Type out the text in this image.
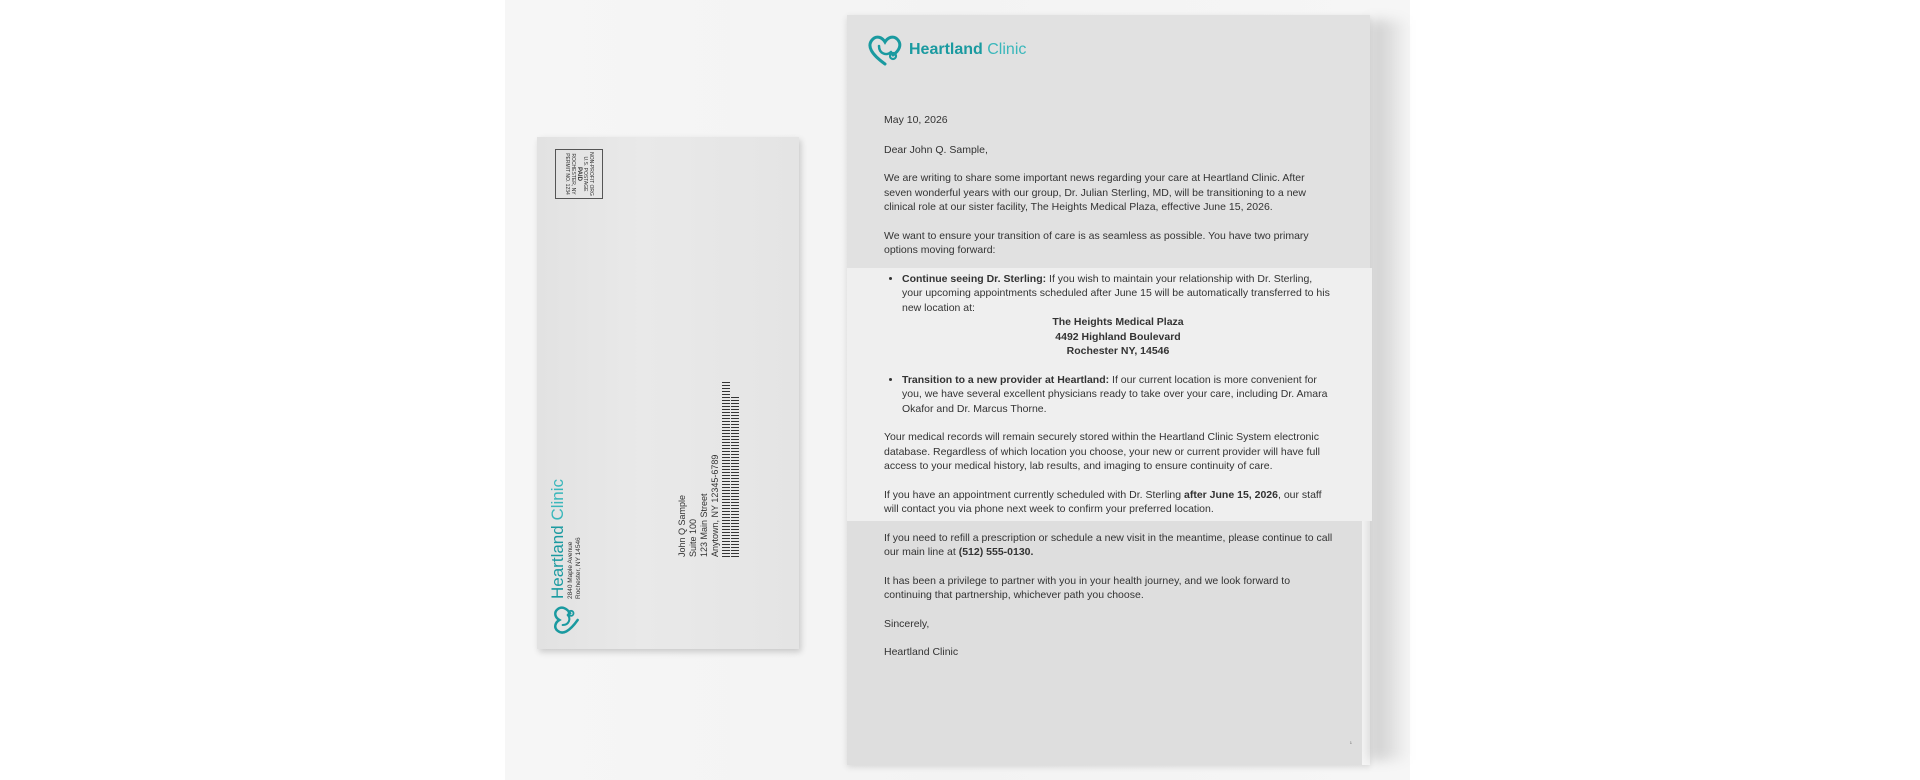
NON-PROFIT ORG
U.S. POSTAGE
PAID
ROCHESTER, NY
PERMIT NO. 1234
John Q Sample Suite 100 123 Main Street Anytown, NY 12345-6789
Heartland Clinic
2840 Maple Avenue Rochester, NY 14546
Heartland Clinic

May 10, 2026

Dear John Q. Sample,

We are writing to share some important news regarding your care at Heartland Clinic. After seven wonderful years with our group, Dr. Julian Sterling, MD, will be transitioning to a new clinical role at our sister facility, The Heights Medical Plaza, effective June 15, 2026.

We want to ensure your transition of care is as seamless as possible. You have two primary options moving forward:

• Continue seeing Dr. Sterling: If you wish to maintain your relationship with Dr. Sterling, your upcoming appointments scheduled after June 15 will be automatically transferred to his new location at:
The Heights Medical Plaza
4492 Highland Boulevard
Rochester NY, 14546
• Transition to a new provider at Heartland: If our current location is more convenient for you, we have several excellent physicians ready to take over your care, including Dr. Amara Okafor and Dr. Marcus Thorne.

Your medical records will remain securely stored within the Heartland Clinic System electronic database. Regardless of which location you choose, your new or current provider will have full access to your medical history, lab results, and imaging to ensure continuity of care.

If you have an appointment currently scheduled with Dr. Sterling after June 15, 2026, our staff will contact you via phone next week to confirm your preferred location.

If you need to refill a prescription or schedule a new visit in the meantime, please continue to call our main line at (512) 555-0130.

It has been a privilege to partner with you in your health journey, and we look forward to continuing that partnership, whichever path you choose.

Sincerely,

Heartland Clinic

1
